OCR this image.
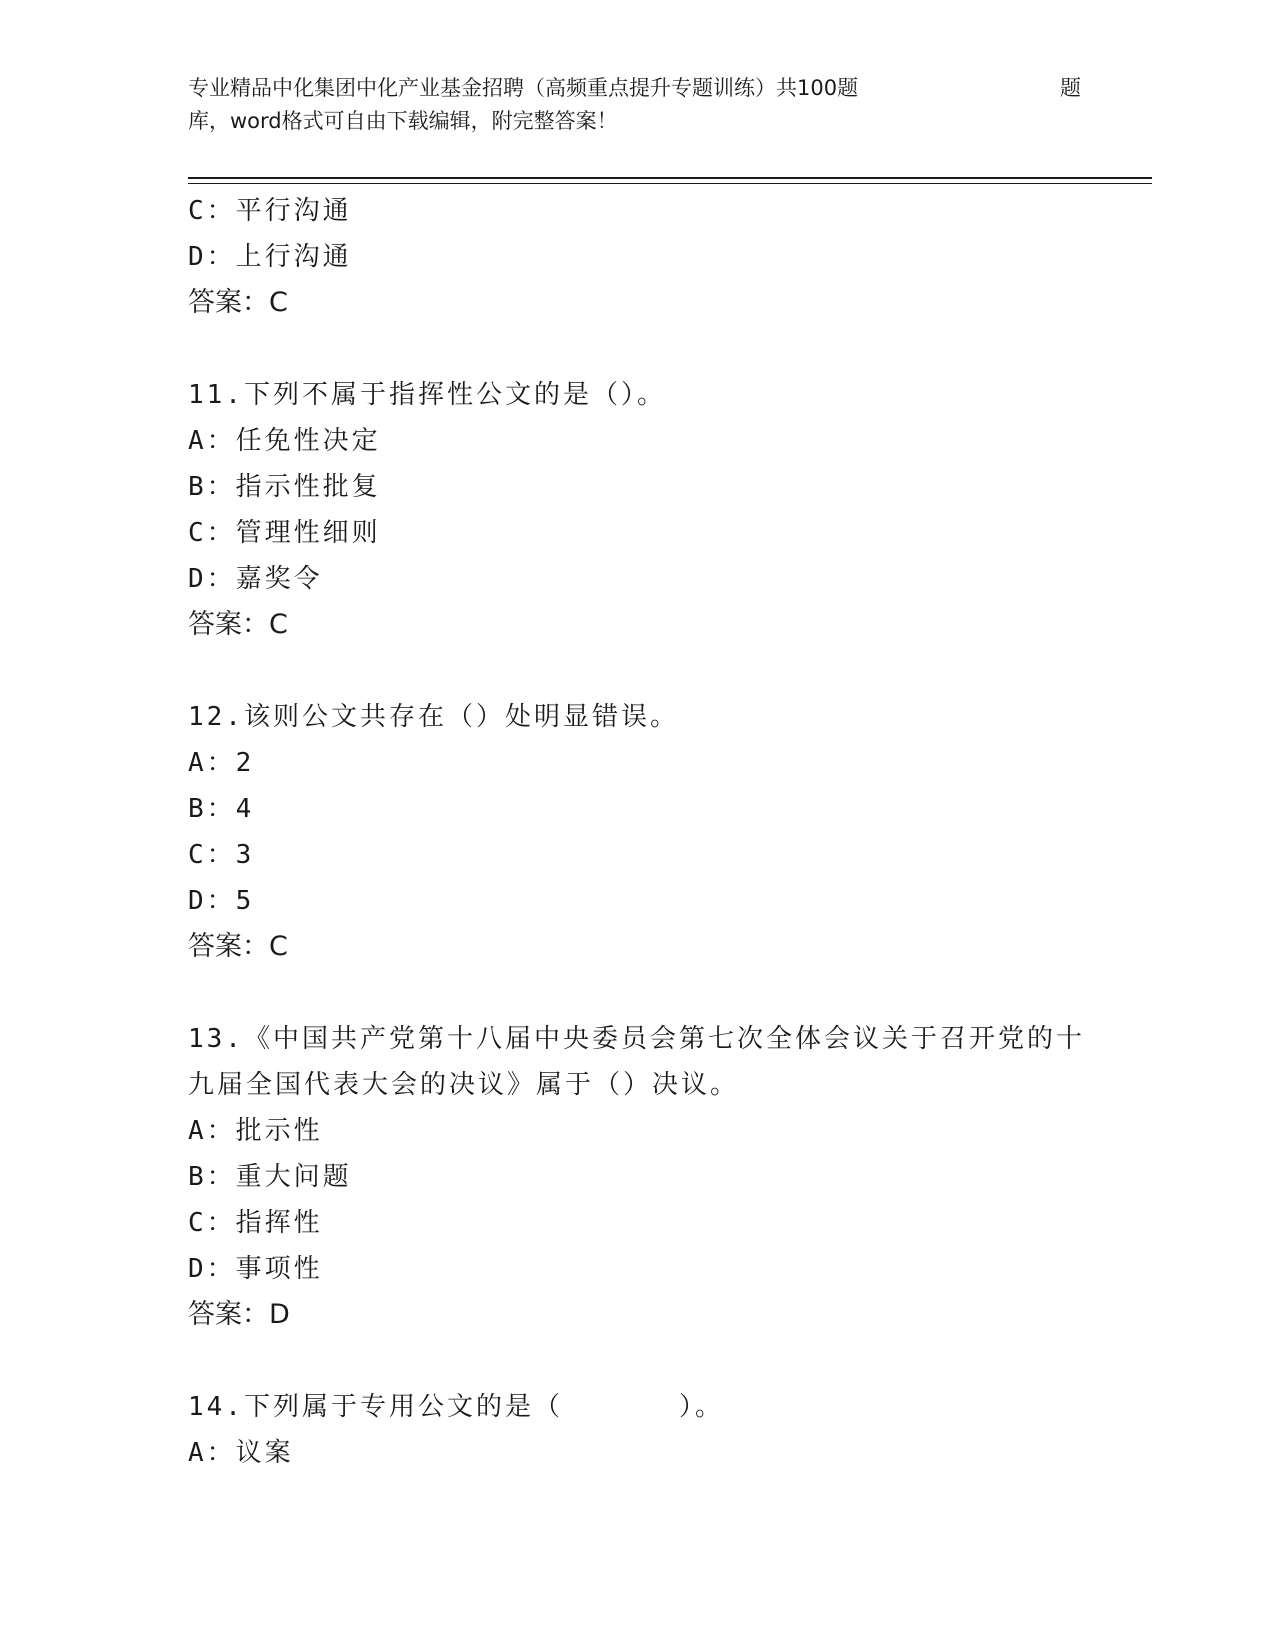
专业精品中化集团中化产业基金招聘（高频重点提升专题训练）共100题	题
库，word格式可自由下载编辑，附完整答案！
C：平行沟通
D：上行沟通
答案：C
11.下列不属于指挥性公文的是（）。
A：任免性决定
B：指示性批复
C：管理性细则
D：嘉奖令
答案：C
12.该则公文共存在（）处明显错误。
A：2
B：4
C：3
D：5
答案：C
13.《中国共产党第十八届中央委员会第七次全体会议关于召开党的十
九届全国代表大会的决议》属于（）决议。
A：批示性
B：重大问题
C：指挥性
D：事项性
答案：D
14.下列属于专用公文的是（　　　　）。
A：议案
